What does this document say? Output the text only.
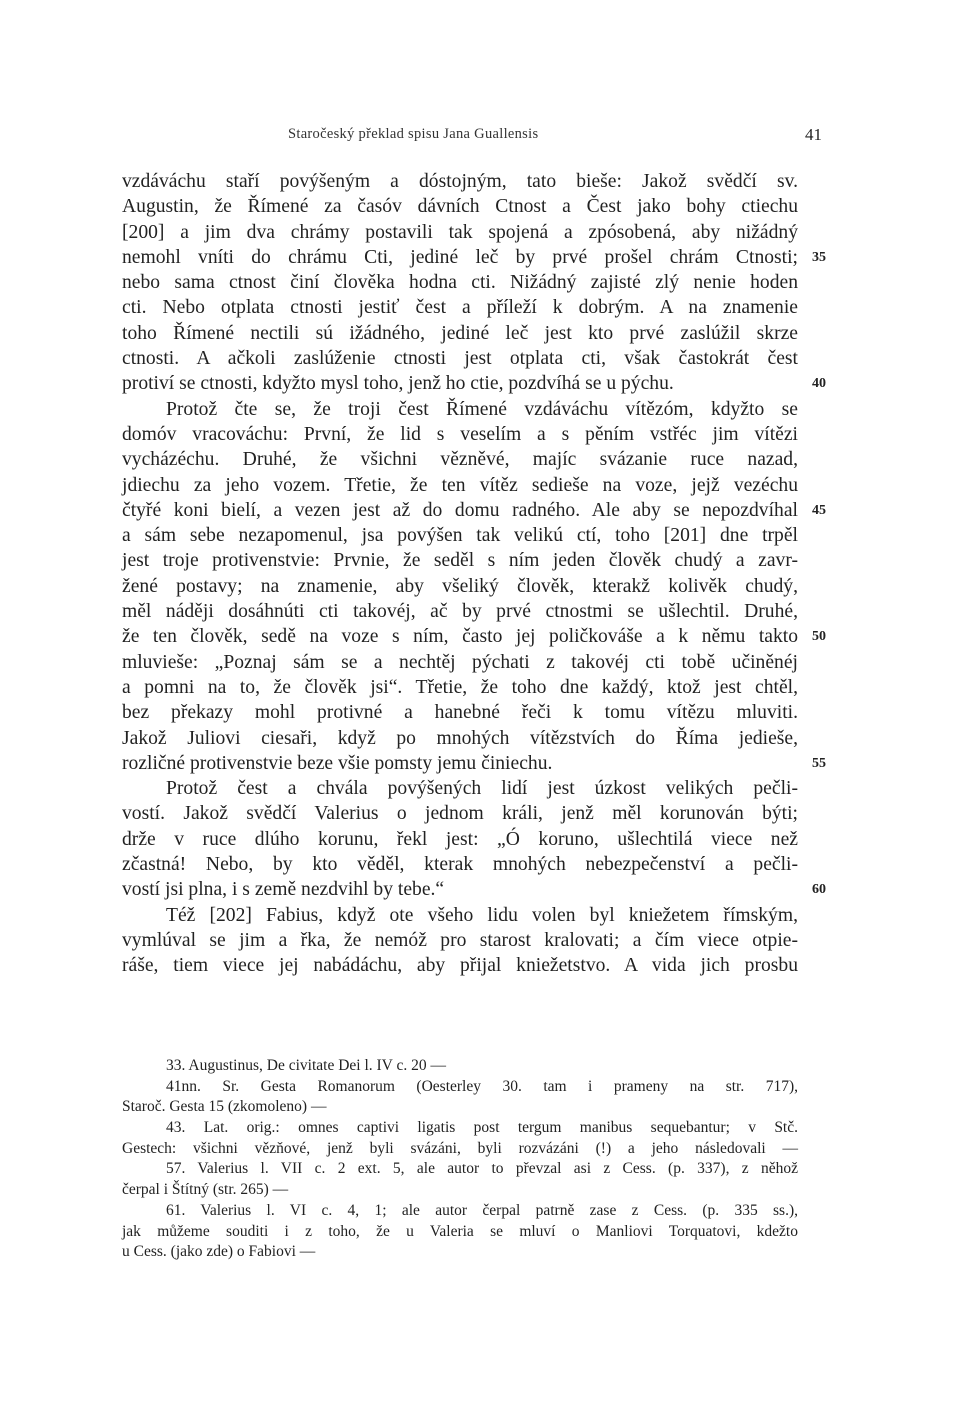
Staročeský překlad spisu Jana Guallensis	41
vzdáváchu staří povýšeným a dóstojným, tato bieše: Jakož svědčí sv.
Augustin, že Římené za časóv dávních Ctnost a Čest jako bohy ctiechu
[200] a jim dva chrámy postavili tak spojená a zpósobená, aby nižádný
nemohl vníti do chrámu Cti, jediné leč by prvé prošel chrám Ctnosti; 35
nebo sama ctnost činí člověka hodna cti. Nižádný zajisté zlý nenie hoden
cti. Nebo otplata ctnosti jestiť čest a příleží k dobrým. A na znamenie
toho Římené nectili sú ižádného, jediné leč jest kto prvé zaslúžil skrze
ctnosti. A ačkoli zaslúženie ctnosti jest otplata cti, však častokrát čest
protiví se ctnosti, kdyžto mysl toho, jenž ho ctie, pozdvíhá se u pýchu.	40
Protož čte se, že troji čest Římené vzdáváchu vítězóm, kdyžto se
domóv vracováchu: První, že lid s veselím a s pěním vstřéc jim vítězi
vycházéchu. Druhé, že všichni vězněvé, majíc svázanie ruce nazad,
jdiechu za jeho vozem. Třetie, že ten vítěz sedieše na voze, jejž vezéchu
čtyřé koni bielí, a vezen jest až do domu radného. Ale aby se nepozdvíhal 45
a sám sebe nezapomenul, jsa povýšen tak velikú ctí, toho [201] dne trpěl
jest troje protivenstvie: Prvnie, že seděl s ním jeden člověk chudý a zavr-
žené postavy; na znamenie, aby všeliký člověk, kterakž kolivěk chudý,
měl náději dosáhnúti cti takovéj, ač by prvé ctnostmi se ušlechtil. Druhé,
že ten člověk, sedě na voze s ním, často jej poličkováše a k němu takto 50
mluvieše: „Poznaj sám se a nechtěj pýchati z takovéj cti tobě učiněnéj
a pomni na to, že člověk jsi“. Třetie, že toho dne každý, ktož jest chtěl,
bez překazy mohl protivné a hanebné řeči k tomu vítězu mluviti.
Jakož Juliovi ciesaři, když po mnohých vítězstvích do Říma jedieše,
rozličné protivenstvie beze všie pomsty jemu činiechu.	55
Protož čest a chvála povýšených lidí jest úzkost velikých pečli-
vostí. Jakož svědčí Valerius o jednom králi, jenž měl korunován býti;
drže v ruce dlúho korunu, řekl jest: „Ó koruno, ušlechtilá viece než
zčastná! Nebo, by kto věděl, kterak mnohých nebezpečenství a pečli-
vostí jsi plna, i s země nezdvihl by tebe.“	60
Též [202] Fabius, když ote všeho lidu volen byl kniežetem římským,
vymlúval se jim a řka, že nemóž pro starost kralovati; a čím viece otpie-
ráše, tiem viece jej nabádáchu, aby přijal kniežetstvo. A vida jich prosbu
33. Augustinus, De civitate Dei l. IV c. 20 —
41nn. Sr. Gesta Romanorum (Oesterley 30. tam i prameny na str. 717),
Staroč. Gesta 15 (zkomoleno) —
43. Lat. orig.: omnes captivi ligatis post tergum manibus sequebantur; v Stč.
Gestech: všichni vězňové, jenž byli svázáni, byli rozvázáni (!) a jeho následovali —
57. Valerius l. VII c. 2 ext. 5, ale autor to převzal asi z Cess. (p. 337), z něhož
čerpal i Štítný (str. 265) —
61. Valerius l. VI c. 4, 1; ale autor čerpal patrně zase z Cess. (p. 335 ss.),
jak můžeme souditi i z toho, že u Valeria se mluví o Manliovi Torquatovi, kdežto
u Cess. (jako zde) o Fabiovi —
